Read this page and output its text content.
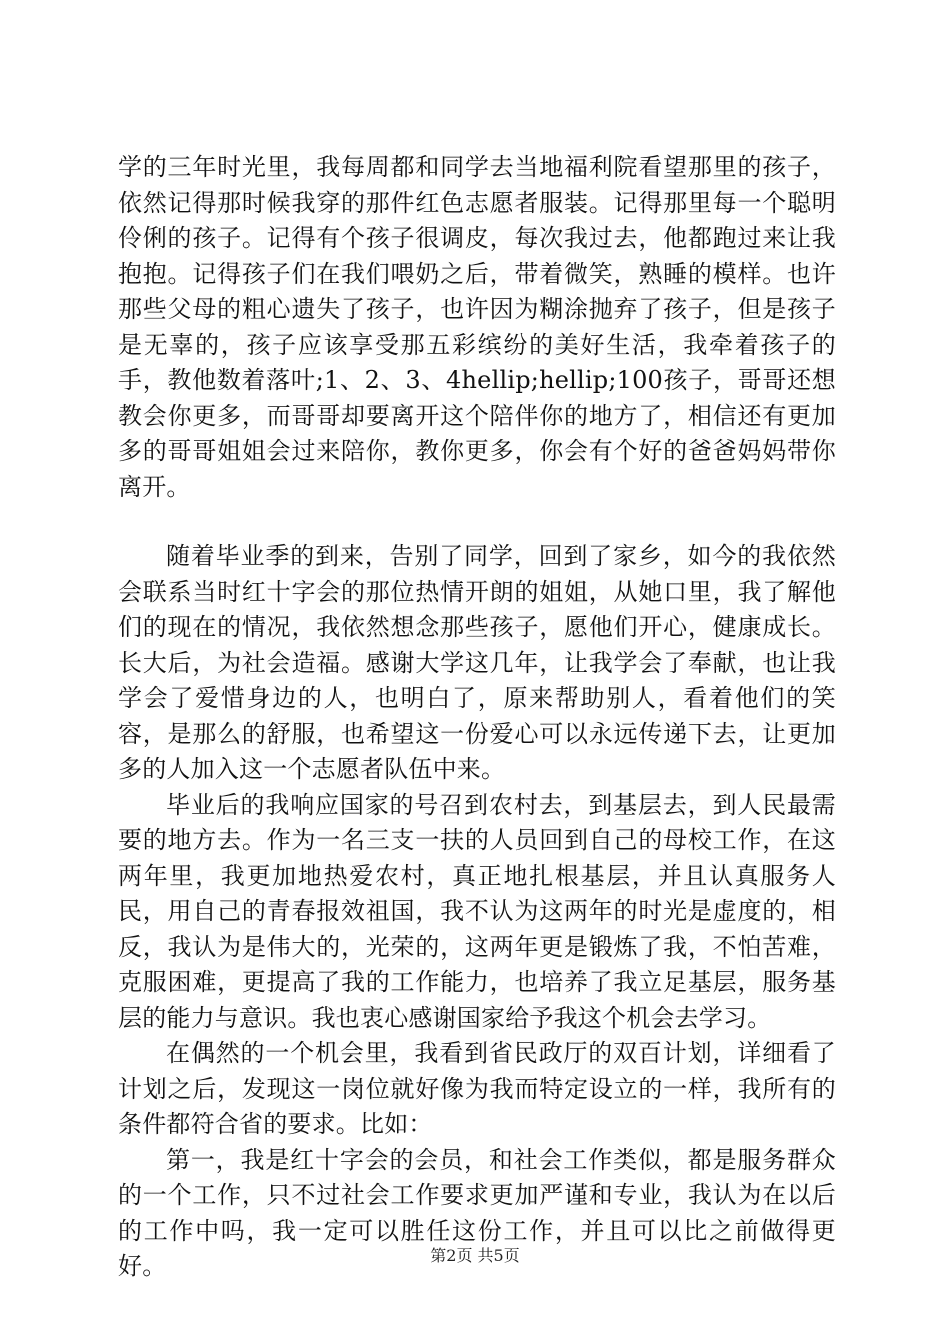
学的三年时光里，我每周都和同学去当地福利院看望那里的孩子，依然记得那时候我穿的那件红色志愿者服装。记得那里每一个聪明伶俐的孩子。记得有个孩子很调皮，每次我过去，他都跑过来让我抱抱。记得孩子们在我们喂奶之后，带着微笑，熟睡的模样。也许那些父母的粗心遗失了孩子，也许因为糊涂抛弃了孩子，但是孩子是无辜的，孩子应该享受那五彩缤纷的美好生活，我牵着孩子的手，教他数着落叶;1、2、3、4hellip;hellip;100孩子，哥哥还想教会你更多，而哥哥却要离开这个陪伴你的地方了，相信还有更加多的哥哥姐姐会过来陪你，教你更多，你会有个好的爸爸妈妈带你离开。

随着毕业季的到来，告别了同学，回到了家乡，如今的我依然会联系当时红十字会的那位热情开朗的姐姐，从她口里，我了解他们的现在的情况，我依然想念那些孩子，愿他们开心，健康成长。长大后，为社会造福。感谢大学这几年，让我学会了奉献，也让我学会了爱惜身边的人，也明白了，原来帮助别人，看着他们的笑容，是那么的舒服，也希望这一份爱心可以永远传递下去，让更加多的人加入这一个志愿者队伍中来。

毕业后的我响应国家的号召到农村去，到基层去，到人民最需要的地方去。作为一名三支一扶的人员回到自己的母校工作，在这两年里，我更加地热爱农村，真正地扎根基层，并且认真服务人民，用自己的青春报效祖国，我不认为这两年的时光是虚度的，相反，我认为是伟大的，光荣的，这两年更是锻炼了我，不怕苦难，克服困难，更提高了我的工作能力，也培养了我立足基层，服务基层的能力与意识。我也衷心感谢国家给予我这个机会去学习。

在偶然的一个机会里，我看到省民政厅的双百计划，详细看了计划之后，发现这一岗位就好像为我而特定设立的一样，我所有的条件都符合省的要求。比如：

第一，我是红十字会的会员，和社会工作类似，都是服务群众的一个工作，只不过社会工作要求更加严谨和专业，我认为在以后的工作中吗，我一定可以胜任这份工作，并且可以比之前做得更好。	第2页 共5页
